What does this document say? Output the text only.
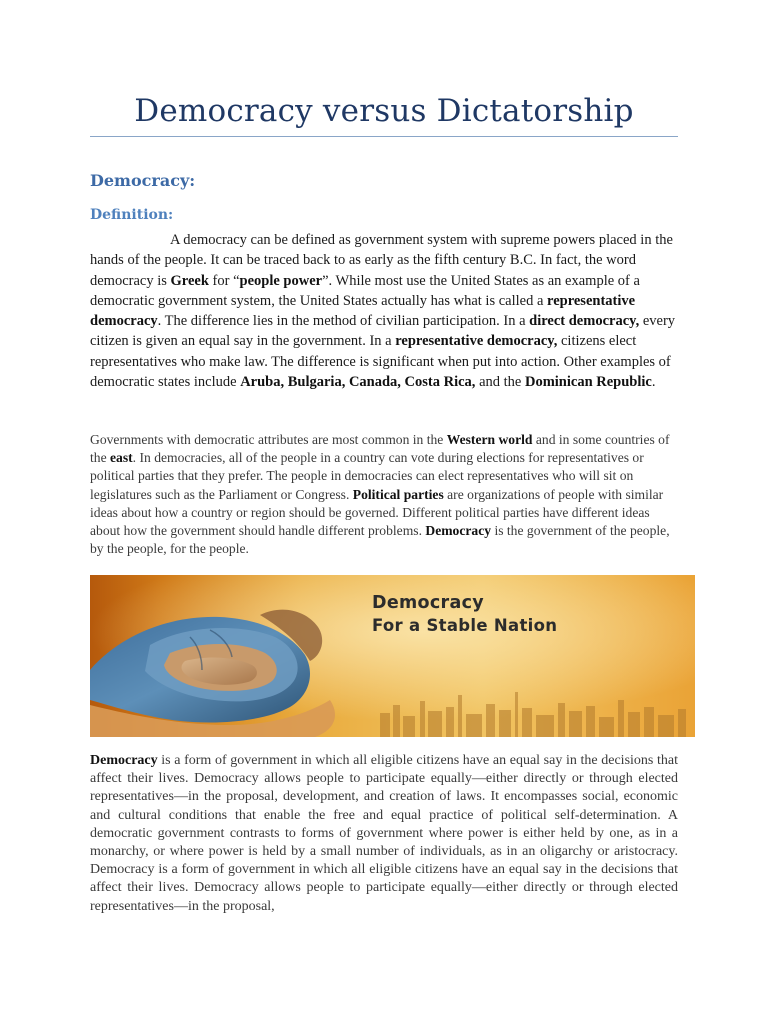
Democracy versus Dictatorship
Democracy:
Definition:
A democracy can be defined as government system with supreme powers placed in the hands of the people. It can be traced back to as early as the fifth century B.C. In fact, the word democracy is Greek for “people power”. While most use the United States as an example of a democratic government system, the United States actually has what is called a representative democracy. The difference lies in the method of civilian participation. In a direct democracy, every citizen is given an equal say in the government. In a representative democracy, citizens elect representatives who make law. The difference is significant when put into action. Other examples of democratic states include Aruba, Bulgaria, Canada, Costa Rica, and the Dominican Republic.
Governments with democratic attributes are most common in the Western world and in some countries of the east. In democracies, all of the people in a country can vote during elections for representatives or political parties that they prefer. The people in democracies can elect representatives who will sit on legislatures such as the Parliament or Congress. Political parties are organizations of people with similar ideas about how a country or region should be governed. Different political parties have different ideas about how the government should handle different problems. Democracy is the government of the people, by the people, for the people.
Democracy
For a Stable Nation
Democracy is a form of government in which all eligible citizens have an equal say in the decisions that affect their lives. Democracy allows people to participate equally—either directly or through elected representatives—in the proposal, development, and creation of laws. It encompasses social, economic and cultural conditions that enable the free and equal practice of political self-determination. A democratic government contrasts to forms of government where power is either held by one, as in a monarchy, or where power is held by a small number of individuals, as in an oligarchy or aristocracy. Democracy is a form of government in which all eligible citizens have an equal say in the decisions that affect their lives. Democracy allows people to participate equally—either directly or through elected representatives—in the proposal,
